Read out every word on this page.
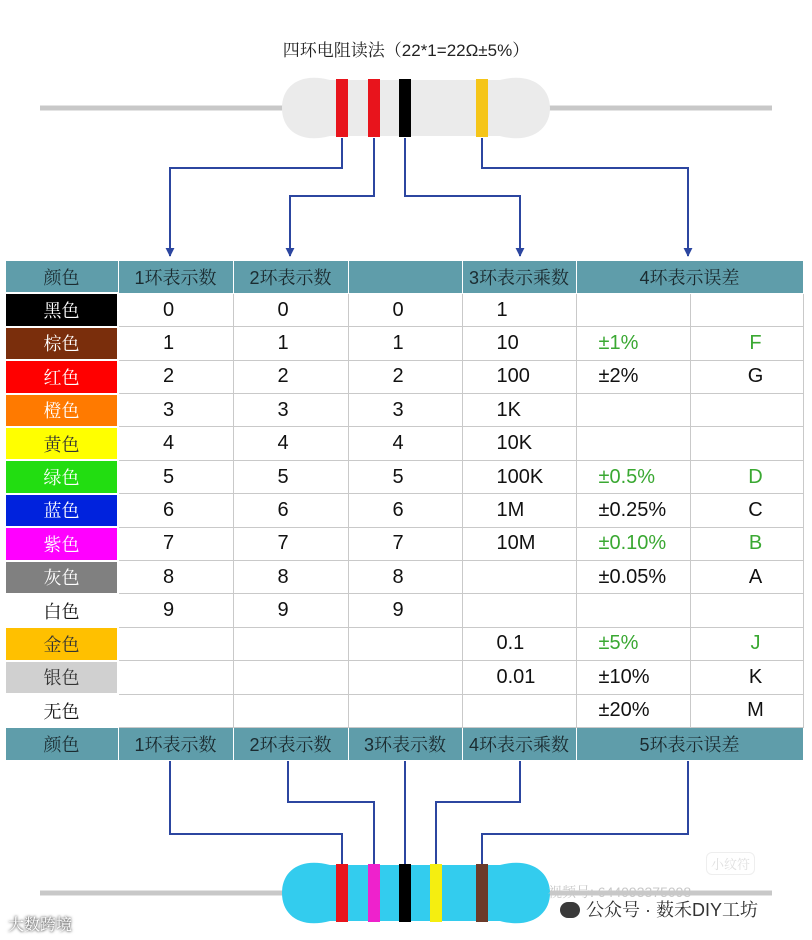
四环电阻读法（22*1=22Ω±5%）
颜色	1环表示数	2环表示数		3环表示乘数	4环表示误差	
黑色	0	0	0	1		
棕色	1	1	1	10	±1%	F
红色	2	2	2	100	±2%	G
橙色	3	3	3	1K		
黄色	4	4	4	10K		
绿色	5	5	5	100K	±0.5%	D
蓝色	6	6	6	1M	±0.25%	C
紫色	7	7	7	10M	±0.10%	B
灰色	8	8	8		±0.05%	A
白色	9	9	9			
金色				0.1	±5%	J
银色				0.01	±10%	K
无色					±20%	M
颜色	1环表示数	2环表示数	3环表示数	4环表示乘数	5环表示误差	
小纹符
视频号: 644093375098
公众号 · 薮禾DIY工坊
大数跨境
